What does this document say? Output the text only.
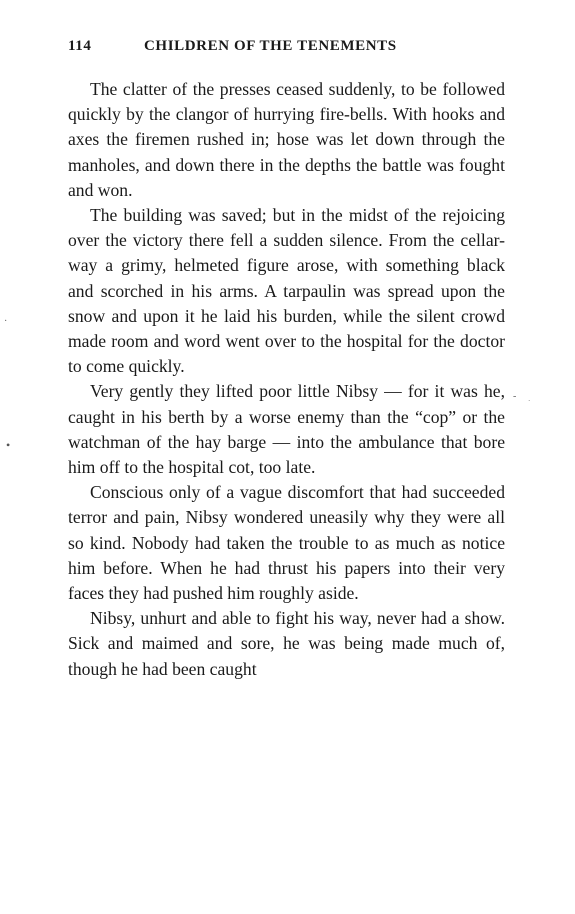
114	CHILDREN OF THE TENEMENTS

The clatter of the presses ceased suddenly, to be followed quickly by the clangor of hurrying fire-bells. With hooks and axes the firemen rushed in; hose was let down through the manholes, and down there in the depths the battle was fought and won.

The building was saved; but in the midst of the rejoicing over the victory there fell a sudden silence. From the cellar-way a grimy, helmeted figure arose, with something black and scorched in his arms. A tarpaulin was spread upon the snow and upon it he laid his burden, while the silent crowd made room and word went over to the hospital for the doctor to come quickly.

Very gently they lifted poor little Nibsy — for it was he, caught in his berth by a worse enemy than the “cop” or the watchman of the hay barge — into the ambulance that bore him off to the hospital cot, too late.

Conscious only of a vague discomfort that had succeeded terror and pain, Nibsy wondered uneasily why they were all so kind. Nobody had taken the trouble to as much as notice him before. When he had thrust his papers into their very faces they had pushed him roughly aside.

Nibsy, unhurt and able to fight his way, never had a show. Sick and maimed and sore, he was being made much of, though he had been caught

·
•
- ·
